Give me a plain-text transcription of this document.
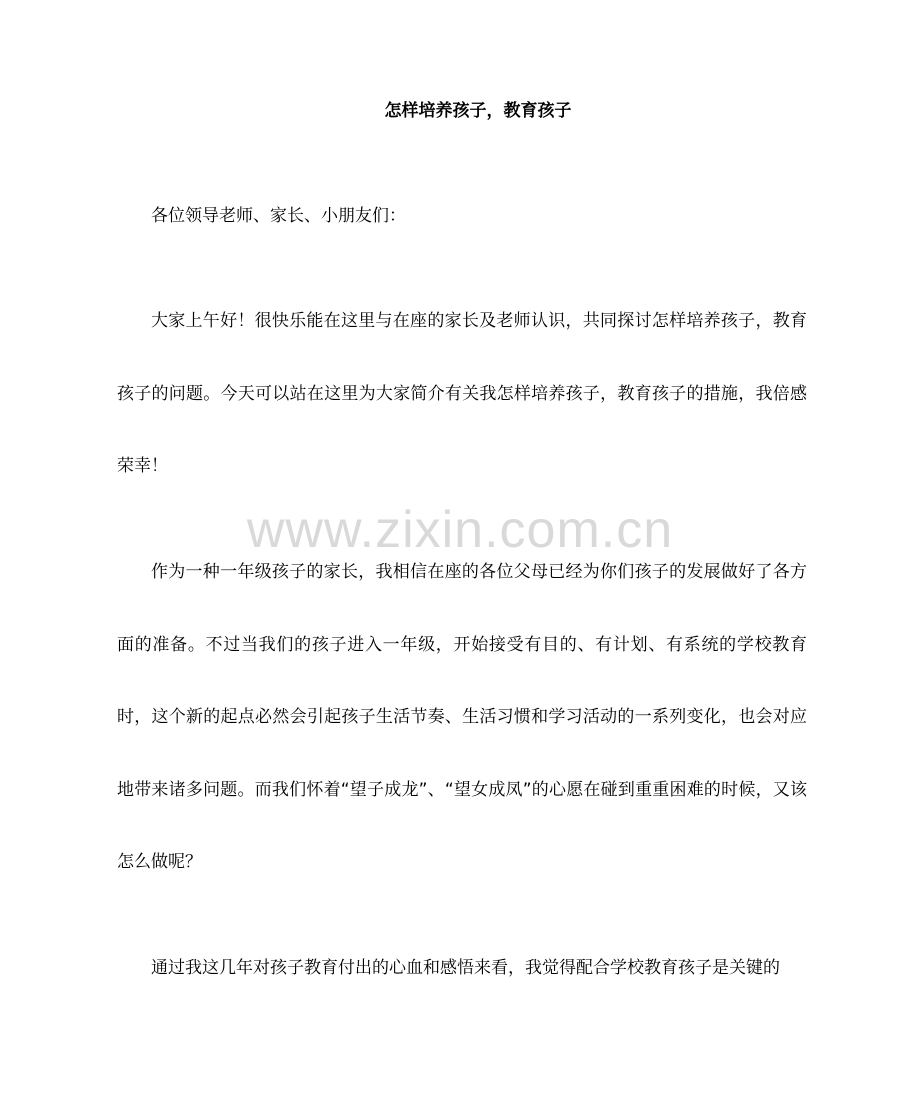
怎样培养孩子，教育孩子

各位领导老师、家长、小朋友们：

大家上午好！很快乐能在这里与在座的家长及老师认识，共同探讨怎样培养孩子，教育孩子的问题。今天可以站在这里为大家简介有关我怎样培养孩子，教育孩子的措施，我倍感荣幸！

www.zixin.com.cn

作为一种一年级孩子的家长，我相信在座的各位父母已经为你们孩子的发展做好了各方面的准备。不过当我们的孩子进入一年级，开始接受有目的、有计划、有系统的学校教育时，这个新的起点必然会引起孩子生活节奏、生活习惯和学习活动的一系列变化，也会对应地带来诸多问题。而我们怀着“望子成龙”、“望女成凤”的心愿在碰到重重困难的时候，又该怎么做呢？

通过我这几年对孩子教育付出的心血和感悟来看，我觉得配合学校教育孩子是关键的
